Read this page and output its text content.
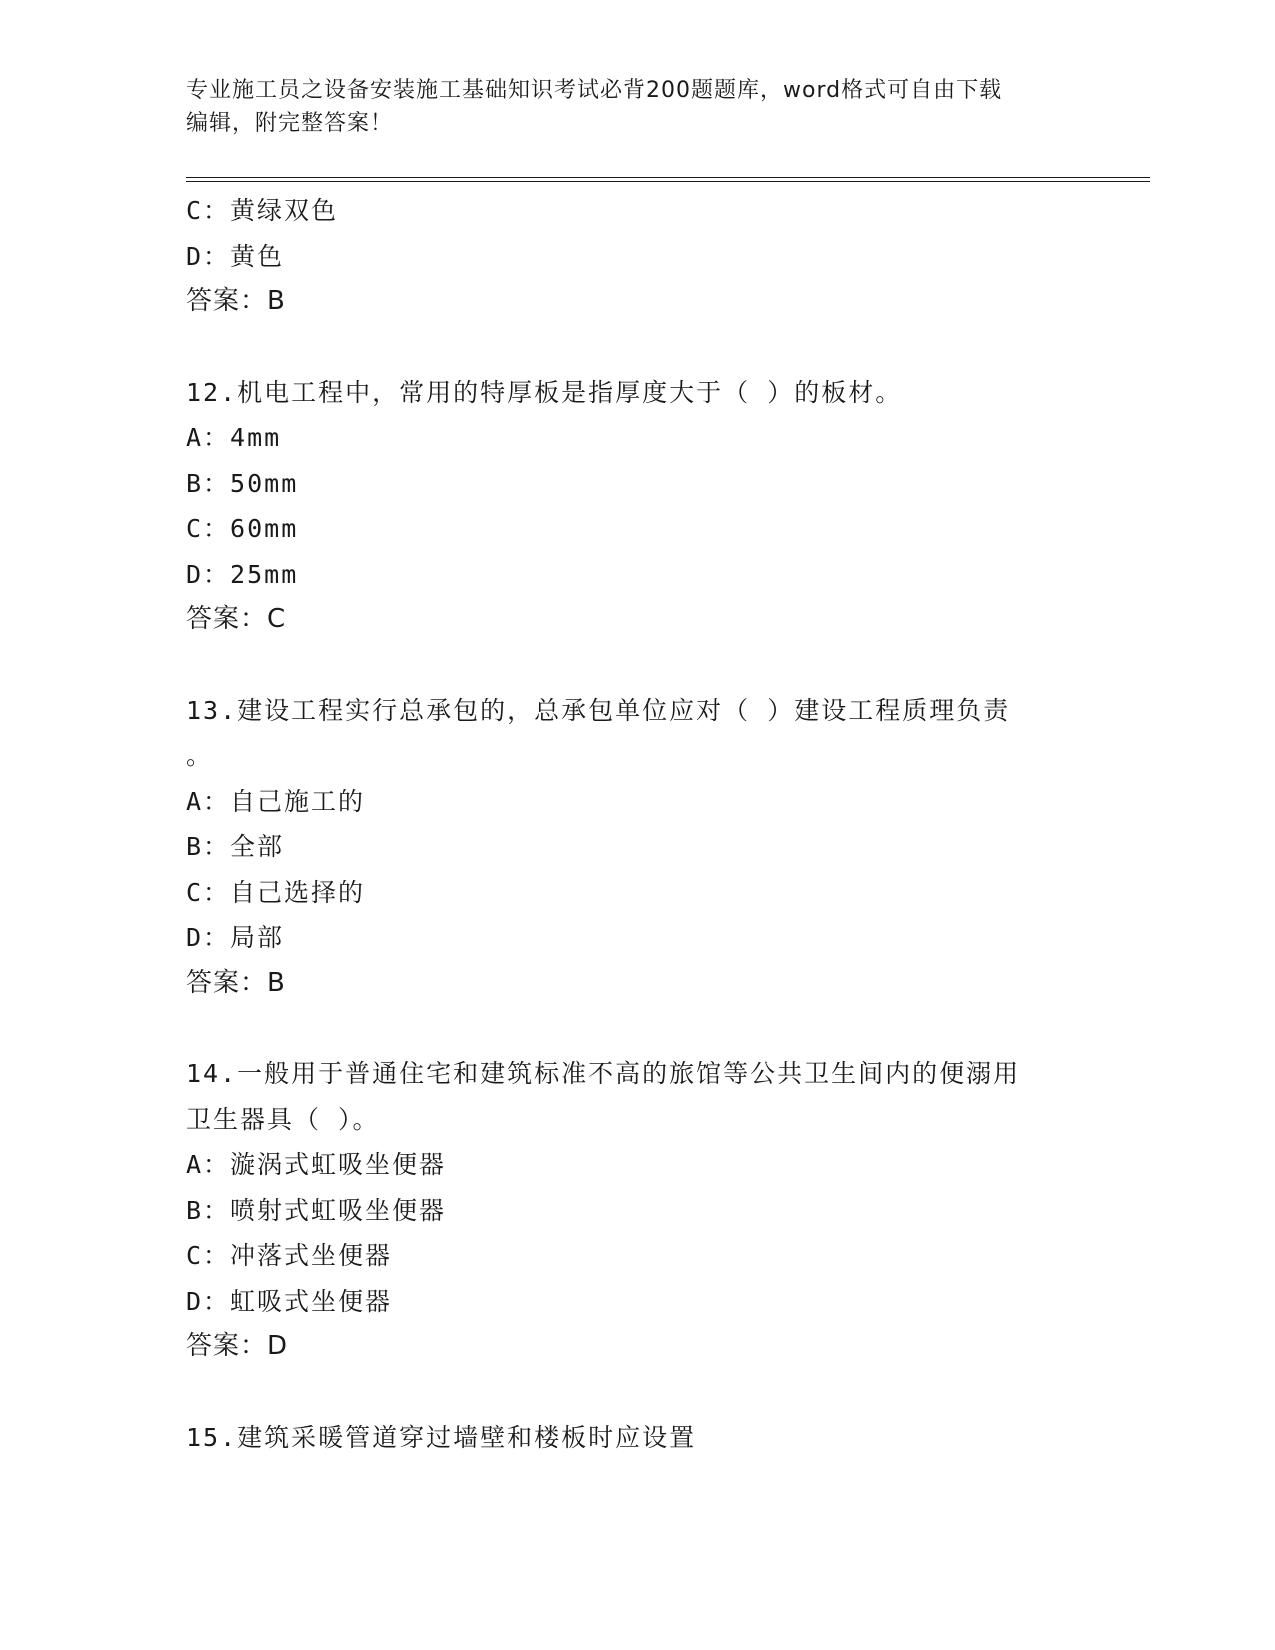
专业施工员之设备安装施工基础知识考试必背200题题库，word格式可自由下载
编辑，附完整答案！
C：黄绿双色
D：黄色
答案：B
12.机电工程中，常用的特厚板是指厚度大于（ ）的板材。
A：4mm
B：50mm
C：60mm
D：25mm
答案：C
13.建设工程实行总承包的，总承包单位应对（ ）建设工程质理负责
。
A：自己施工的
B：全部
C：自己选择的
D：局部
答案：B
14.一般用于普通住宅和建筑标准不高的旅馆等公共卫生间内的便溺用
卫生器具（ ）。
A：漩涡式虹吸坐便器
B：喷射式虹吸坐便器
C：冲落式坐便器
D：虹吸式坐便器
答案：D
15.建筑采暖管道穿过墙壁和楼板时应设置
